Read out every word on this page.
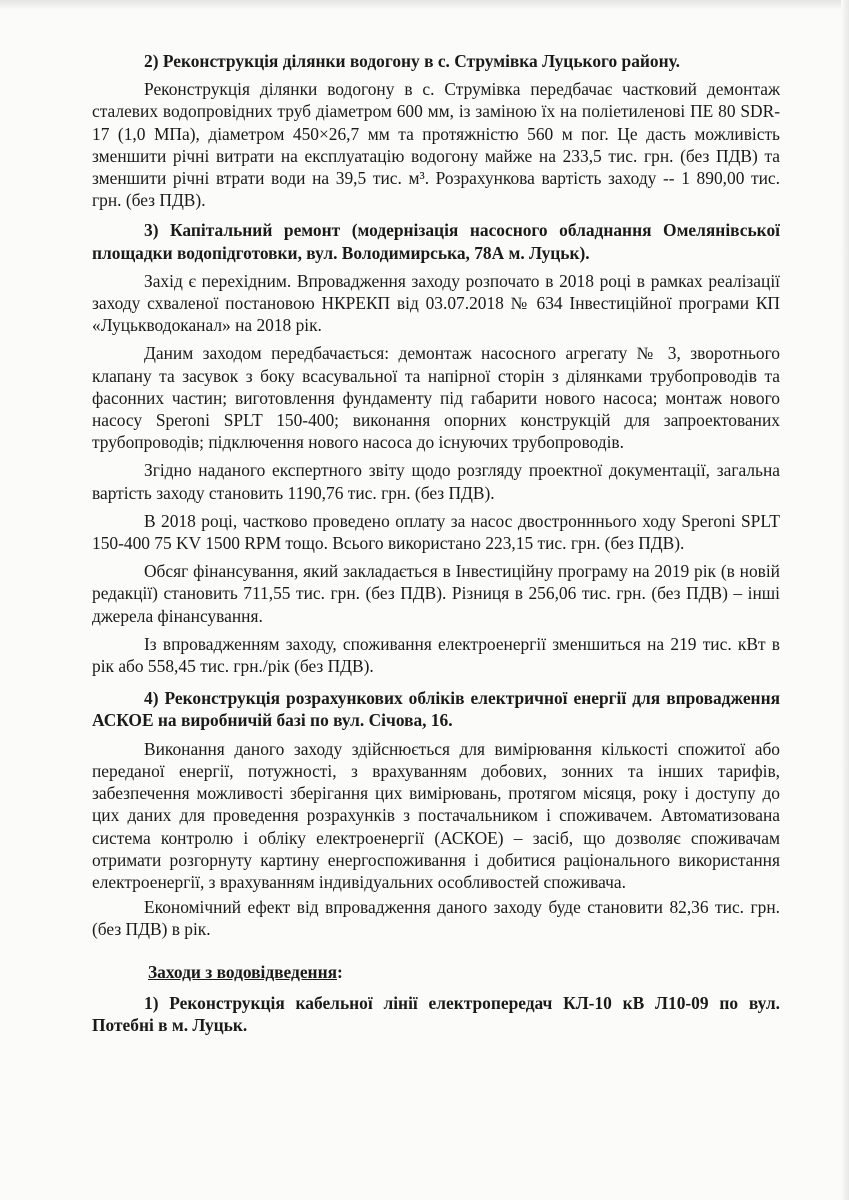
2) Реконструкція ділянки водогону в с. Струмівка Луцького району.

Реконструкція ділянки водогону в с. Струмівка передбачає частковий демонтаж сталевих водопровідних труб діаметром 600 мм, із заміною їх на поліетиленові ПЕ 80 SDR-17 (1,0 МПа), діаметром 450×26,7 мм та протяжністю 560 м пог. Це дасть можливість зменшити річні витрати на експлуатацію водогону майже на 233,5 тис. грн. (без ПДВ) та зменшити річні втрати води на 39,5 тис. м³. Розрахункова вартість заходу -- 1 890,00 тис. грн. (без ПДВ).

3) Капітальний ремонт (модернізація насосного обладнання Омелянівської площадки водопідготовки, вул. Володимирська, 78А м. Луцьк).

Захід є перехідним. Впровадження заходу розпочато в 2018 році в рамках реалізації заходу схваленої постановою НКРЕКП від 03.07.2018 № 634 Інвестиційної програми КП «Луцькводоканал» на 2018 рік.

Даним заходом передбачається: демонтаж насосного агрегату № 3, зворотнього клапану та засувок з боку всасувальної та напірної сторін з ділянками трубопроводів та фасонних частин; виготовлення фундаменту під габарити нового насоса; монтаж нового насосу Speroni SPLT 150-400; виконання опорних конструкцій для запроектованих трубопроводів; підключення нового насоса до існуючих трубопроводів.

Згідно наданого експертного звіту щодо розгляду проектної документації, загальна вартість заходу становить 1190,76 тис. грн. (без ПДВ).

В 2018 році, частково проведено оплату за насос двостронннього ходу Speroni SPLT 150-400 75 KV 1500 RPM тощо. Всього використано 223,15 тис. грн. (без ПДВ).

Обсяг фінансування, який закладається в Інвестиційну програму на 2019 рік (в новій редакції) становить 711,55 тис. грн. (без ПДВ). Різниця в 256,06 тис. грн. (без ПДВ) – інші джерела фінансування.

Із впровадженням заходу, споживання електроенергії зменшиться на 219 тис. кВт в рік або 558,45 тис. грн./рік (без ПДВ).

4) Реконструкція розрахункових обліків електричної енергії для впровадження АСКОЕ на виробничій базі по вул. Січова, 16.

Виконання даного заходу здійснюється для вимірювання кількості спожитої або переданої енергії, потужності, з врахуванням добових, зонних та інших тарифів, забезпечення можливості зберігання цих вимірювань, протягом місяця, року і доступу до цих даних для проведення розрахунків з постачальником і споживачем. Автоматизована система контролю і обліку електроенергії (АСКОЕ) – засіб, що дозволяє споживачам отримати розгорнуту картину енергоспоживання і добитися раціонального використання електроенергії, з врахуванням індивідуальних особливостей споживача.

Економічний ефект від впровадження даного заходу буде становити 82,36 тис. грн. (без ПДВ) в рік.

Заходи з водовідведення:

1) Реконструкція кабельної лінії електропередач КЛ-10 кВ Л10-09 по вул. Потебні в м. Луцьк.
